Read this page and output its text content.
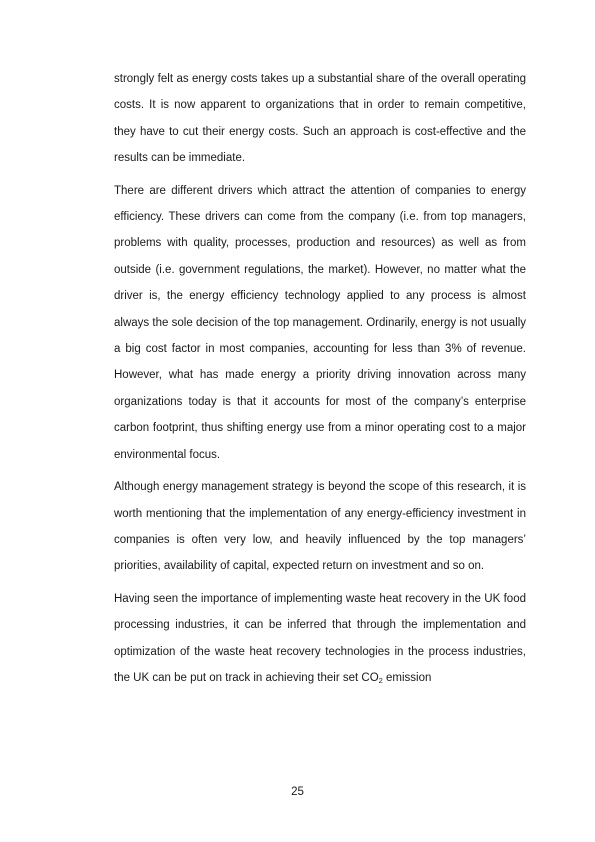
strongly felt as energy costs takes up a substantial share of the overall operating costs. It is now apparent to organizations that in order to remain competitive, they have to cut their energy costs. Such an approach is cost-effective and the results can be immediate.

There are different drivers which attract the attention of companies to energy efficiency. These drivers can come from the company (i.e. from top managers, problems with quality, processes, production and resources) as well as from outside (i.e. government regulations, the market). However, no matter what the driver is, the energy efficiency technology applied to any process is almost always the sole decision of the top management. Ordinarily, energy is not usually a big cost factor in most companies, accounting for less than 3% of revenue. However, what has made energy a priority driving innovation across many organizations today is that it accounts for most of the company’s enterprise carbon footprint, thus shifting energy use from a minor operating cost to a major environmental focus.

Although energy management strategy is beyond the scope of this research, it is worth mentioning that the implementation of any energy-efficiency investment in companies is often very low, and heavily influenced by the top managers’ priorities, availability of capital, expected return on investment and so on.

Having seen the importance of implementing waste heat recovery in the UK food processing industries, it can be inferred that through the implementation and optimization of the waste heat recovery technologies in the process industries, the UK can be put on track in achieving their set $CO_2$ emission

25
